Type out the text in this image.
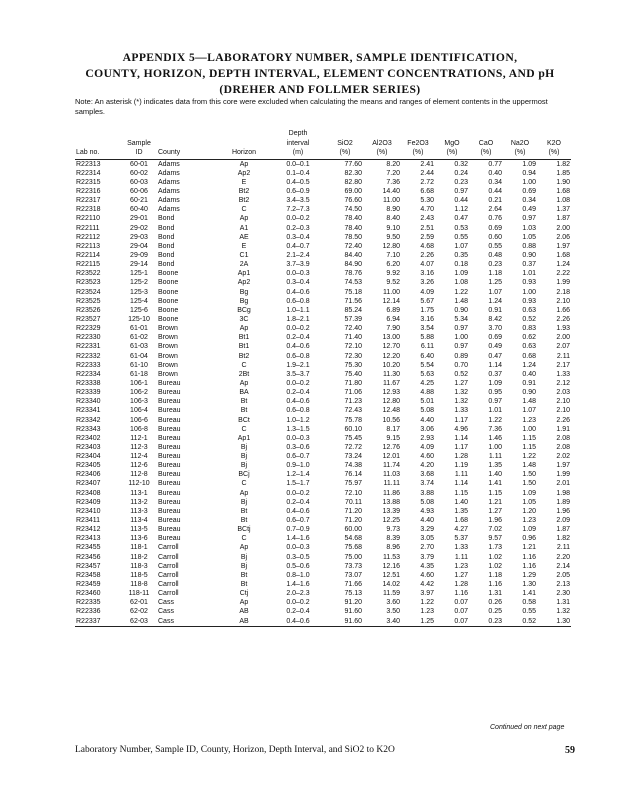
APPENDIX 5—LABORATORY NUMBER, SAMPLE IDENTIFICATION,
COUNTY, HORIZON, DEPTH INTERVAL, ELEMENT CONCENTRATIONS, AND pH
(DREHER AND FOLLMER SERIES)
Note: An asterisk (*) indicates data from this core were excluded when calculating the means and ranges of element contents in the uppermost samples.
				Depth							
	Sample			interval	SiO2	Al2O3	Fe2O3	MgO	CaO	Na2O	K2O
Lab no.	ID	County	Horizon	(m)	(%)	(%)	(%)	(%)	(%)	(%)	(%)
R22313	60-01	Adams	Ap	0.0–0.1	77.60	8.20	2.41	0.32	0.77	1.09	1.82
R22314	60-02	Adams	Ap2	0.1–0.4	82.30	7.20	2.44	0.24	0.40	0.94	1.85
R22315	60-03	Adams	E	0.4–0.5	82.80	7.36	2.72	0.23	0.34	1.00	1.90
R22316	60-06	Adams	Bt2	0.6–0.9	69.00	14.40	6.68	0.97	0.44	0.69	1.68
R22317	60-21	Adams	Bt2	3.4–3.5	76.60	11.00	5.30	0.44	0.21	0.34	1.08
R22318	60-40	Adams	C	7.2–7.3	74.50	8.90	4.70	1.12	2.64	0.49	1.37
R22110	29-01	Bond	Ap	0.0–0.2	78.40	8.40	2.43	0.47	0.76	0.97	1.87
R22111	29-02	Bond	A1	0.2–0.3	78.40	9.10	2.51	0.53	0.69	1.03	2.00
R22112	29-03	Bond	AE	0.3–0.4	78.50	9.50	2.59	0.55	0.60	1.05	2.06
R22113	29-04	Bond	E	0.4–0.7	72.40	12.80	4.68	1.07	0.55	0.88	1.97
R22114	29-09	Bond	C1	2.1–2.4	84.40	7.10	2.26	0.35	0.48	0.90	1.68
R22115	29-14	Bond	2A	3.7–3.9	84.90	6.20	4.07	0.18	0.23	0.37	1.24
R23522	125-1	Boone	Ap1	0.0–0.3	78.76	9.92	3.16	1.09	1.18	1.01	2.22
R23523	125-2	Boone	Ap2	0.3–0.4	74.53	9.52	3.26	1.08	1.25	0.93	1.99
R23524	125-3	Boone	Bg	0.4–0.6	75.18	11.00	4.09	1.22	1.07	1.00	2.18
R23525	125-4	Boone	Bg	0.6–0.8	71.56	12.14	5.67	1.48	1.24	0.93	2.10
R23526	125-6	Boone	BCg	1.0–1.1	85.24	6.89	1.75	0.90	0.91	0.63	1.66
R23527	125-10	Boone	3C	1.8–2.1	57.39	6.94	3.16	5.34	8.42	0.52	2.26
R22329	61-01	Brown	Ap	0.0–0.2	72.40	7.90	3.54	0.97	3.70	0.83	1.93
R22330	61-02	Brown	Bt1	0.2–0.4	71.40	13.00	5.88	1.00	0.69	0.62	2.00
R22331	61-03	Brown	Bt1	0.4–0.6	72.10	12.70	6.11	0.97	0.49	0.63	2.07
R22332	61-04	Brown	Bt2	0.6–0.8	72.30	12.20	6.40	0.89	0.47	0.68	2.11
R22333	61-10	Brown	C	1.9–2.1	75.30	10.20	5.54	0.70	1.14	1.24	2.17
R22334	61-18	Brown	2Bt	3.5–3.7	75.40	11.30	5.63	0.52	0.37	0.40	1.33
R23338	106-1	Bureau	Ap	0.0–0.2	71.80	11.67	4.25	1.27	1.09	0.91	2.12
R23339	106-2	Bureau	BA	0.2–0.4	71.06	12.93	4.88	1.32	0.95	0.90	2.03
R23340	106-3	Bureau	Bt	0.4–0.6	71.23	12.80	5.01	1.32	0.97	1.48	2.10
R23341	106-4	Bureau	Bt	0.6–0.8	72.43	12.48	5.08	1.33	1.01	1.07	2.10
R23342	106-6	Bureau	BCt	1.0–1.2	75.78	10.56	4.40	1.17	1.22	1.23	2.26
R23343	106-8	Bureau	C	1.3–1.5	60.10	8.17	3.06	4.96	7.36	1.00	1.91
R23402	112-1	Bureau	Ap1	0.0–0.3	75.45	9.15	2.93	1.14	1.46	1.15	2.08
R23403	112-3	Bureau	Bj	0.3–0.6	72.72	12.76	4.09	1.17	1.00	1.15	2.08
R23404	112-4	Bureau	Bj	0.6–0.7	73.24	12.01	4.60	1.28	1.11	1.22	2.02
R23405	112-6	Bureau	Bj	0.9–1.0	74.38	11.74	4.20	1.19	1.35	1.48	1.97
R23406	112-8	Bureau	BCj	1.2–1.4	76.14	11.03	3.68	1.11	1.40	1.50	1.99
R23407	112-10	Bureau	C	1.5–1.7	75.97	11.11	3.74	1.14	1.41	1.50	2.01
R23408	113-1	Bureau	Ap	0.0–0.2	72.10	11.86	3.88	1.15	1.15	1.09	1.98
R23409	113-2	Bureau	Bj	0.2–0.4	70.11	13.88	5.08	1.40	1.21	1.05	1.89
R23410	113-3	Bureau	Bt	0.4–0.6	71.20	13.39	4.93	1.35	1.27	1.20	1.96
R23411	113-4	Bureau	Bt	0.6–0.7	71.20	12.25	4.40	1.68	1.96	1.23	2.09
R23412	113-5	Bureau	BCtj	0.7–0.9	60.00	9.73	3.29	4.27	7.02	1.09	1.87
R23413	113-6	Bureau	C	1.4–1.6	54.68	8.39	3.05	5.37	9.57	0.96	1.82
R23455	118-1	Carroll	Ap	0.0–0.3	75.68	8.96	2.70	1.33	1.73	1.21	2.11
R23456	118-2	Carroll	Bj	0.3–0.5	75.00	11.53	3.79	1.11	1.02	1.16	2.20
R23457	118-3	Carroll	Bj	0.5–0.6	73.73	12.16	4.35	1.23	1.02	1.16	2.14
R23458	118-5	Carroll	Bt	0.8–1.0	73.07	12.51	4.60	1.27	1.18	1.29	2.05
R23459	118-8	Carroll	Bt	1.4–1.6	71.66	14.02	4.42	1.28	1.16	1.30	2.13
R23460	118-11	Carroll	Ctj	2.0–2.3	75.13	11.59	3.97	1.16	1.31	1.41	2.30
R22335	62-01	Cass	Ap	0.0–0.2	91.20	3.60	1.22	0.07	0.26	0.58	1.31
R22336	62-02	Cass	AB	0.2–0.4	91.60	3.50	1.23	0.07	0.25	0.55	1.32
R22337	62-03	Cass	AB	0.4–0.6	91.60	3.40	1.25	0.07	0.23	0.52	1.30
Continued on next page
Laboratory Number, Sample ID, County, Horizon, Depth Interval, and SiO2 to K2O	59
